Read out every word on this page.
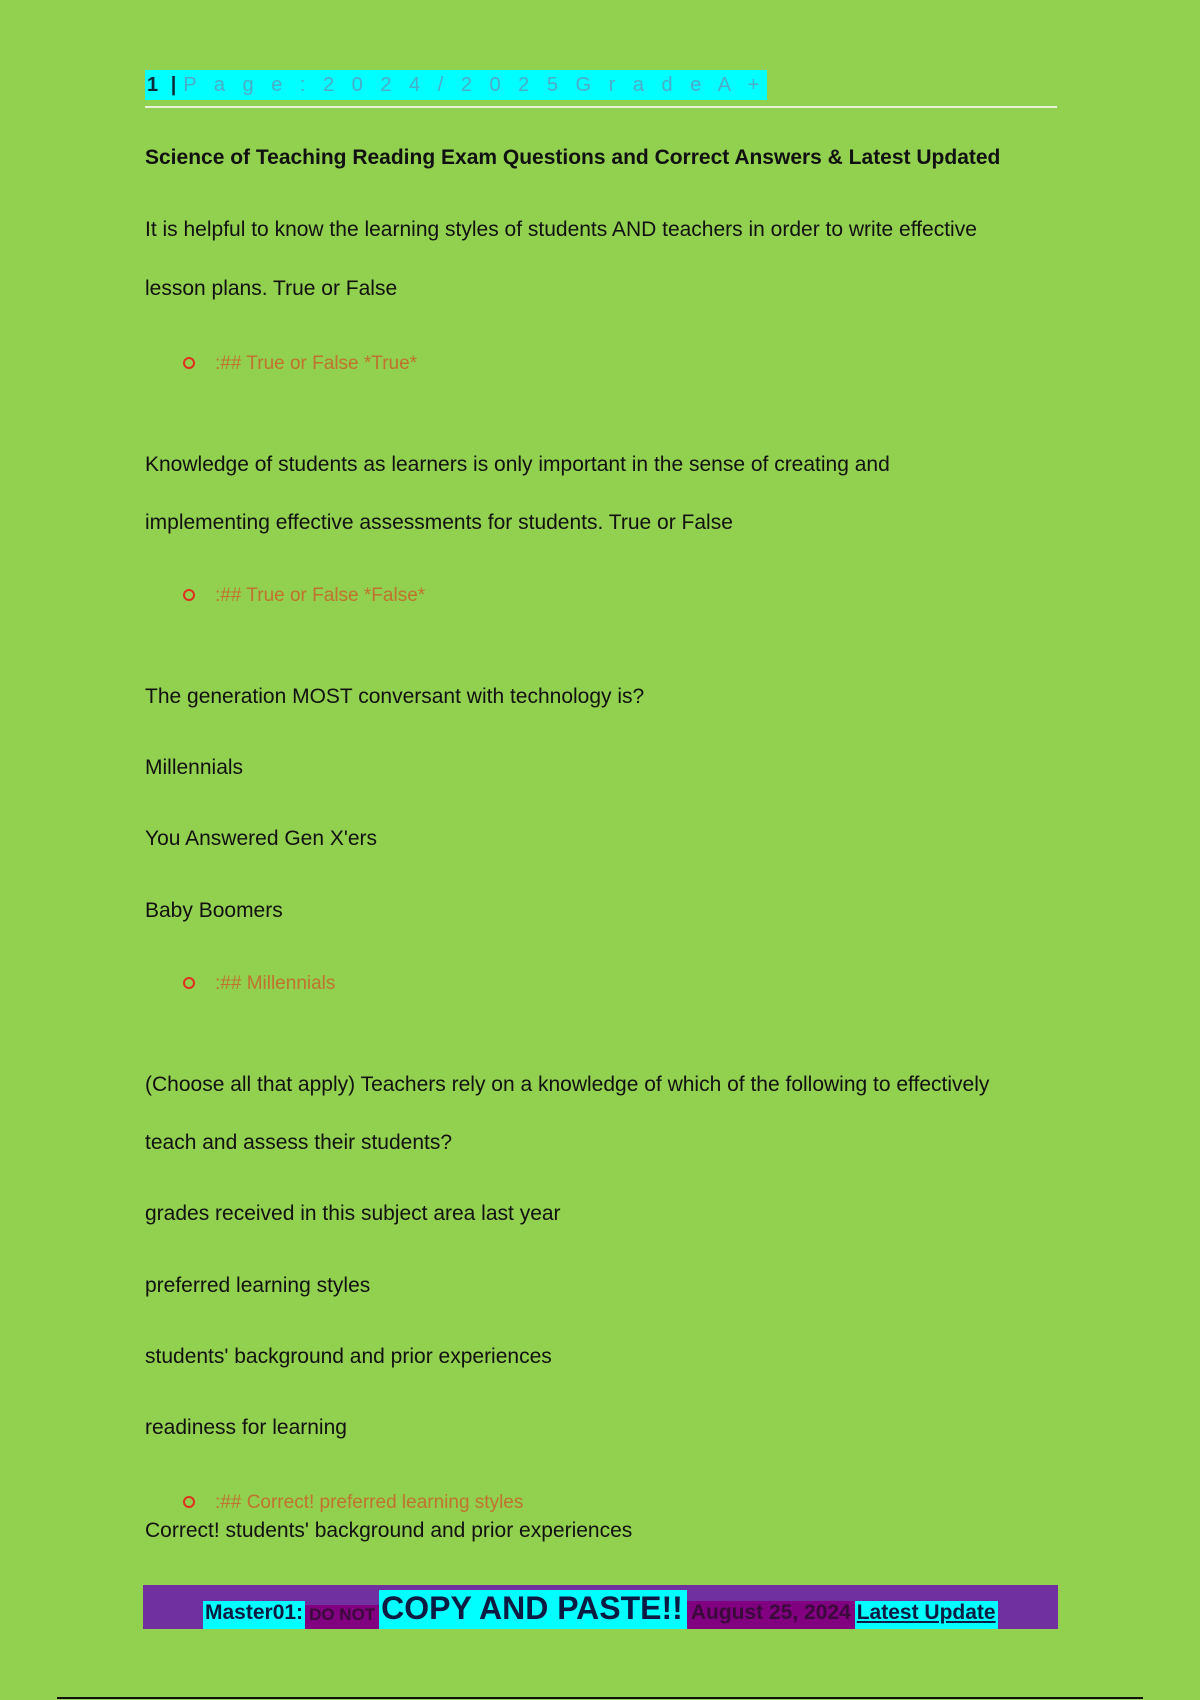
1 | P a g e : 2 0 2 4 / 2 0 2 5 G r a d e A +
Science of Teaching Reading Exam Questions and Correct Answers & Latest Updated
It is helpful to know the learning styles of students AND teachers in order to write effective
lesson plans. True or False
:## True or False *True*
Knowledge of students as learners is only important in the sense of creating and
implementing effective assessments for students. True or False
:## True or False *False*
The generation MOST conversant with technology is?
Millennials
You Answered Gen X'ers
Baby Boomers
:## Millennials
(Choose all that apply) Teachers rely on a knowledge of which of the following to effectively
teach and assess their students?
grades received in this subject area last year
preferred learning styles
students' background and prior experiences
readiness for learning
:## Correct! preferred learning styles
Correct! students' background and prior experiences
Master01: DO NOT COPY AND PASTE!! August 25, 2024 Latest Update
